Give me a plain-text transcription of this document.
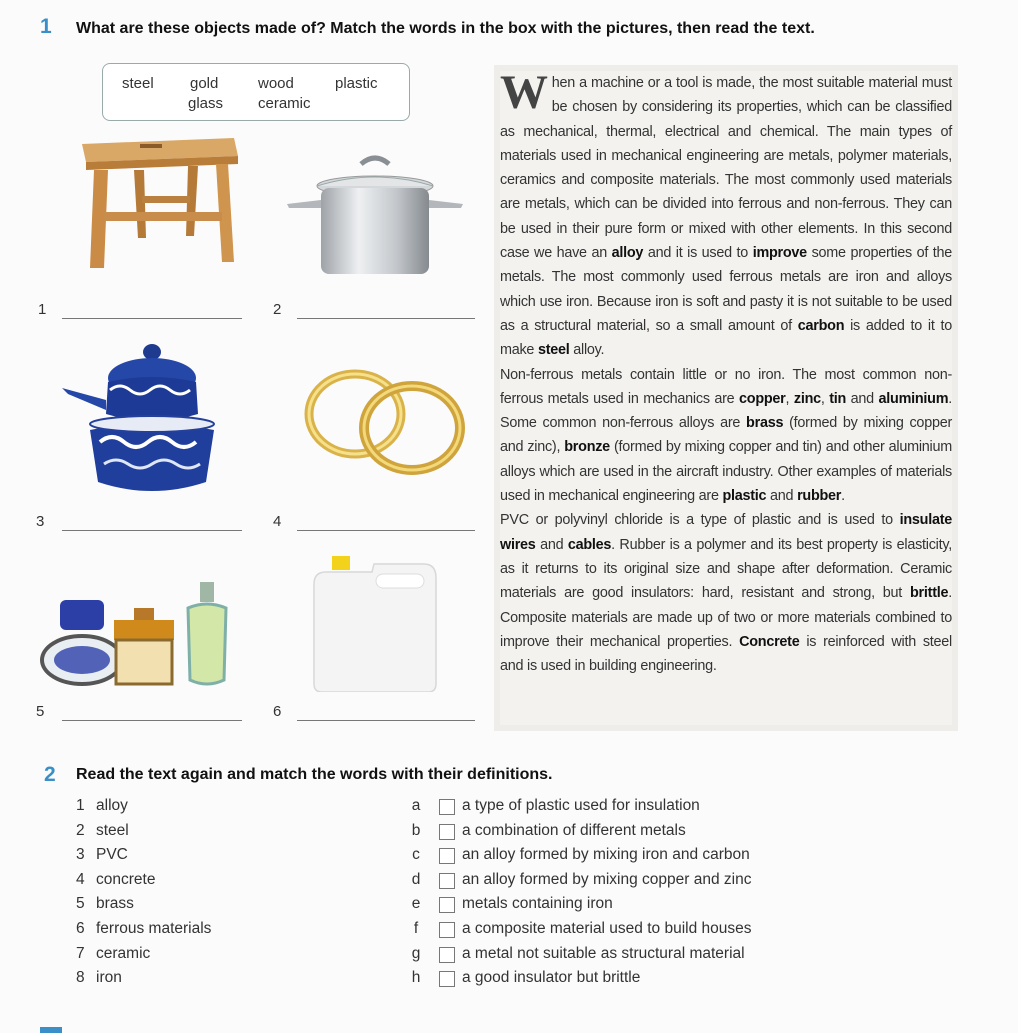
1 What are these objects made of? Match the words in the box with the pictures, then read the text.
steel gold	wood	plastic
glass ceramic
1	2
3	4
5	6

When a machine or a tool is made, the most suitable material must be chosen by considering its properties, which can be classified as mechanical, thermal, electrical and chemical. The main types of materials used in mechanical engineering are metals, polymer materials, ceramics and composite materials. The most commonly used materials are metals, which can be divided into ferrous and non-ferrous. They can be used in their pure form or mixed with other elements. In this second case we have an alloy and it is used to improve some properties of the metals. The most commonly used ferrous metals are iron and alloys which use iron. Because iron is soft and pasty it is not suitable to be used as a structural material, so a small amount of carbon is added to it to make steel alloy.

Non-ferrous metals contain little or no iron. The most common non-ferrous metals used in mechanics are copper, zinc, tin and aluminium. Some common non-ferrous alloys are brass (formed by mixing copper and zinc), bronze (formed by mixing copper and tin) and other aluminium alloys which are used in the aircraft industry. Other examples of materials used in mechanical engineering are plastic and rubber.

PVC or polyvinyl chloride is a type of plastic and is used to insulate wires and cables. Rubber is a polymer and its best property is elasticity, as it returns to its original size and shape after deformation. Ceramic materials are good insulators: hard, resistant and strong, but brittle. Composite materials are made up of two or more materials combined to improve their mechanical properties. Concrete is reinforced with steel and is used in building engineering.

2 Read the text again and match the words with their definitions.
1 alloy	a	a type of plastic used for insulation
2 steel	b	a combination of different metals
3 PVC	c	an alloy formed by mixing iron and carbon
4 concrete	d	an alloy formed by mixing copper and zinc
5 brass	e	metals containing iron
6 ferrous materials	f	a composite material used to build houses
7 ceramic	g	a metal not suitable as structural material
8 iron	h	a good insulator but brittle
